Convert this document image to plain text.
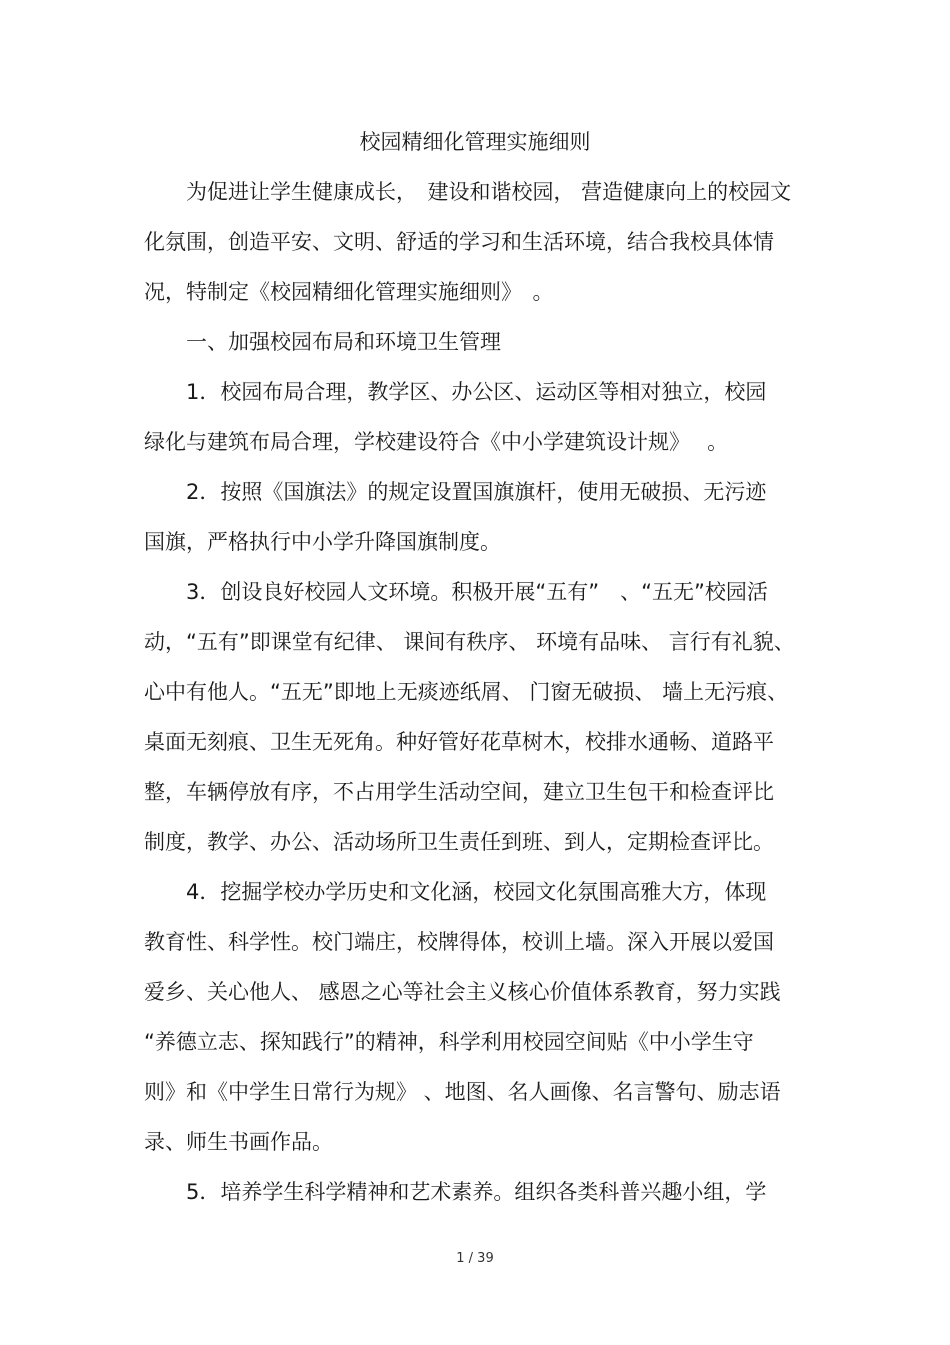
校园精细化管理实施细则
为促进让学生健康成长，　建设和谐校园， 营造健康向上的校园文
化氛围，创造平安、文明、舒适的学习和生活环境，结合我校具体情
况，特制定《校园精细化管理实施细则》　。
一、加强校园布局和环境卫生管理
1．校园布局合理，教学区、办公区、运动区等相对独立，校园
绿化与建筑布局合理，学校建设符合《中小学建筑设计规》　 。
2．按照《国旗法》的规定设置国旗旗杆，使用无破损、无污迹
国旗，严格执行中小学升降国旗制度。
3．创设良好校园人文环境。积极开展“五有”　、“五无”校园活
动，“五有”即课堂有纪律、 课间有秩序、 环境有品味、 言行有礼貌、
心中有他人。“五无”即地上无痰迹纸屑、 门窗无破损、 墙上无污痕、
桌面无刻痕、卫生无死角。种好管好花草树木，校排水通畅、道路平
整，车辆停放有序，不占用学生活动空间，建立卫生包干和检查评比
制度，教学、办公、活动场所卫生责任到班、到人，定期检查评比。
4．挖掘学校办学历史和文化涵，校园文化氛围高雅大方，体现
教育性、科学性。校门端庄，校牌得体，校训上墙。深入开展以爱国
爱乡、关心他人、 感恩之心等社会主义核心价值体系教育，努力实践
“养德立志、探知践行”的精神，科学利用校园空间贴《中小学生守
则》和《中学生日常行为规》 、地图、名人画像、名言警句、励志语
录、师生书画作品。
5．培养学生科学精神和艺术素养。组织各类科普兴趣小组，学
1 / 39
